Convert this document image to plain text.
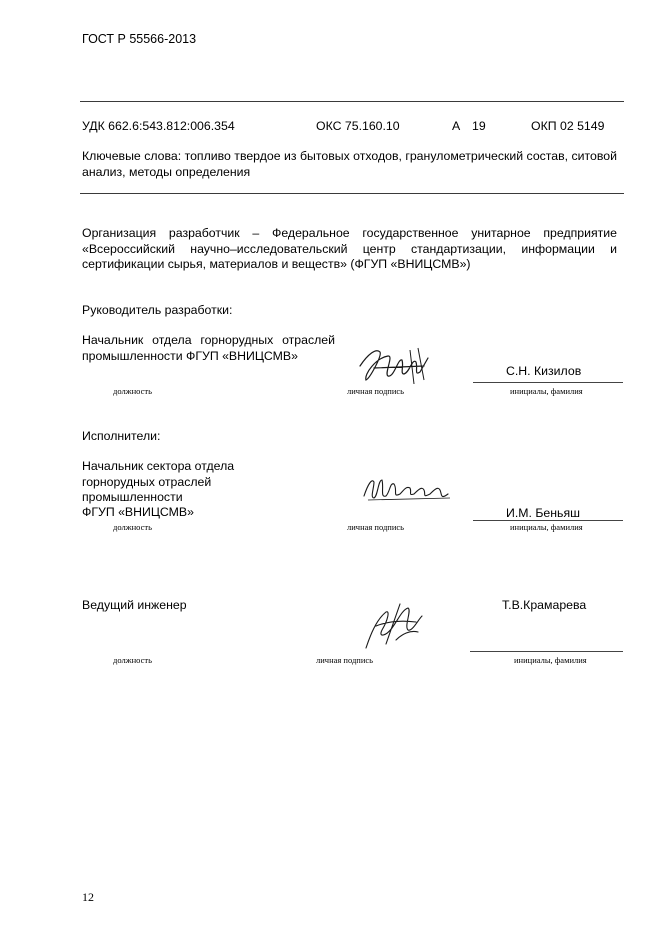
ГОСТ Р 55566-2013
УДК 662.6:543.812:006.354	ОКС 75.160.10	А 19	ОКП 02 5149
Ключевые слова: топливо твердое из бытовых отходов, гранулометрический состав, ситовой анализ, методы определения
Организация разработчик – Федеральное государственное унитарное предприятие «Всероссийский научно–исследовательский центр стандартизации, информации и сертификации сырья, материалов и веществ» (ФГУП «ВНИЦСМВ»)
Руководитель разработки:
Начальник отдела горнорудных отраслей промышленности ФГУП «ВНИЦСМВ»
С.Н. Кизилов
должность	личная подпись	инициалы, фамилия
Исполнители:
Начальник сектора отдела
горнорудных отраслей
промышленности
ФГУП «ВНИЦСМВ»	И.М. Беньяш
должность	личная подпись	инициалы, фамилия
Ведущий инженер	Т.В.Крамарева
должность	личная подпись	инициалы, фамилия
12
